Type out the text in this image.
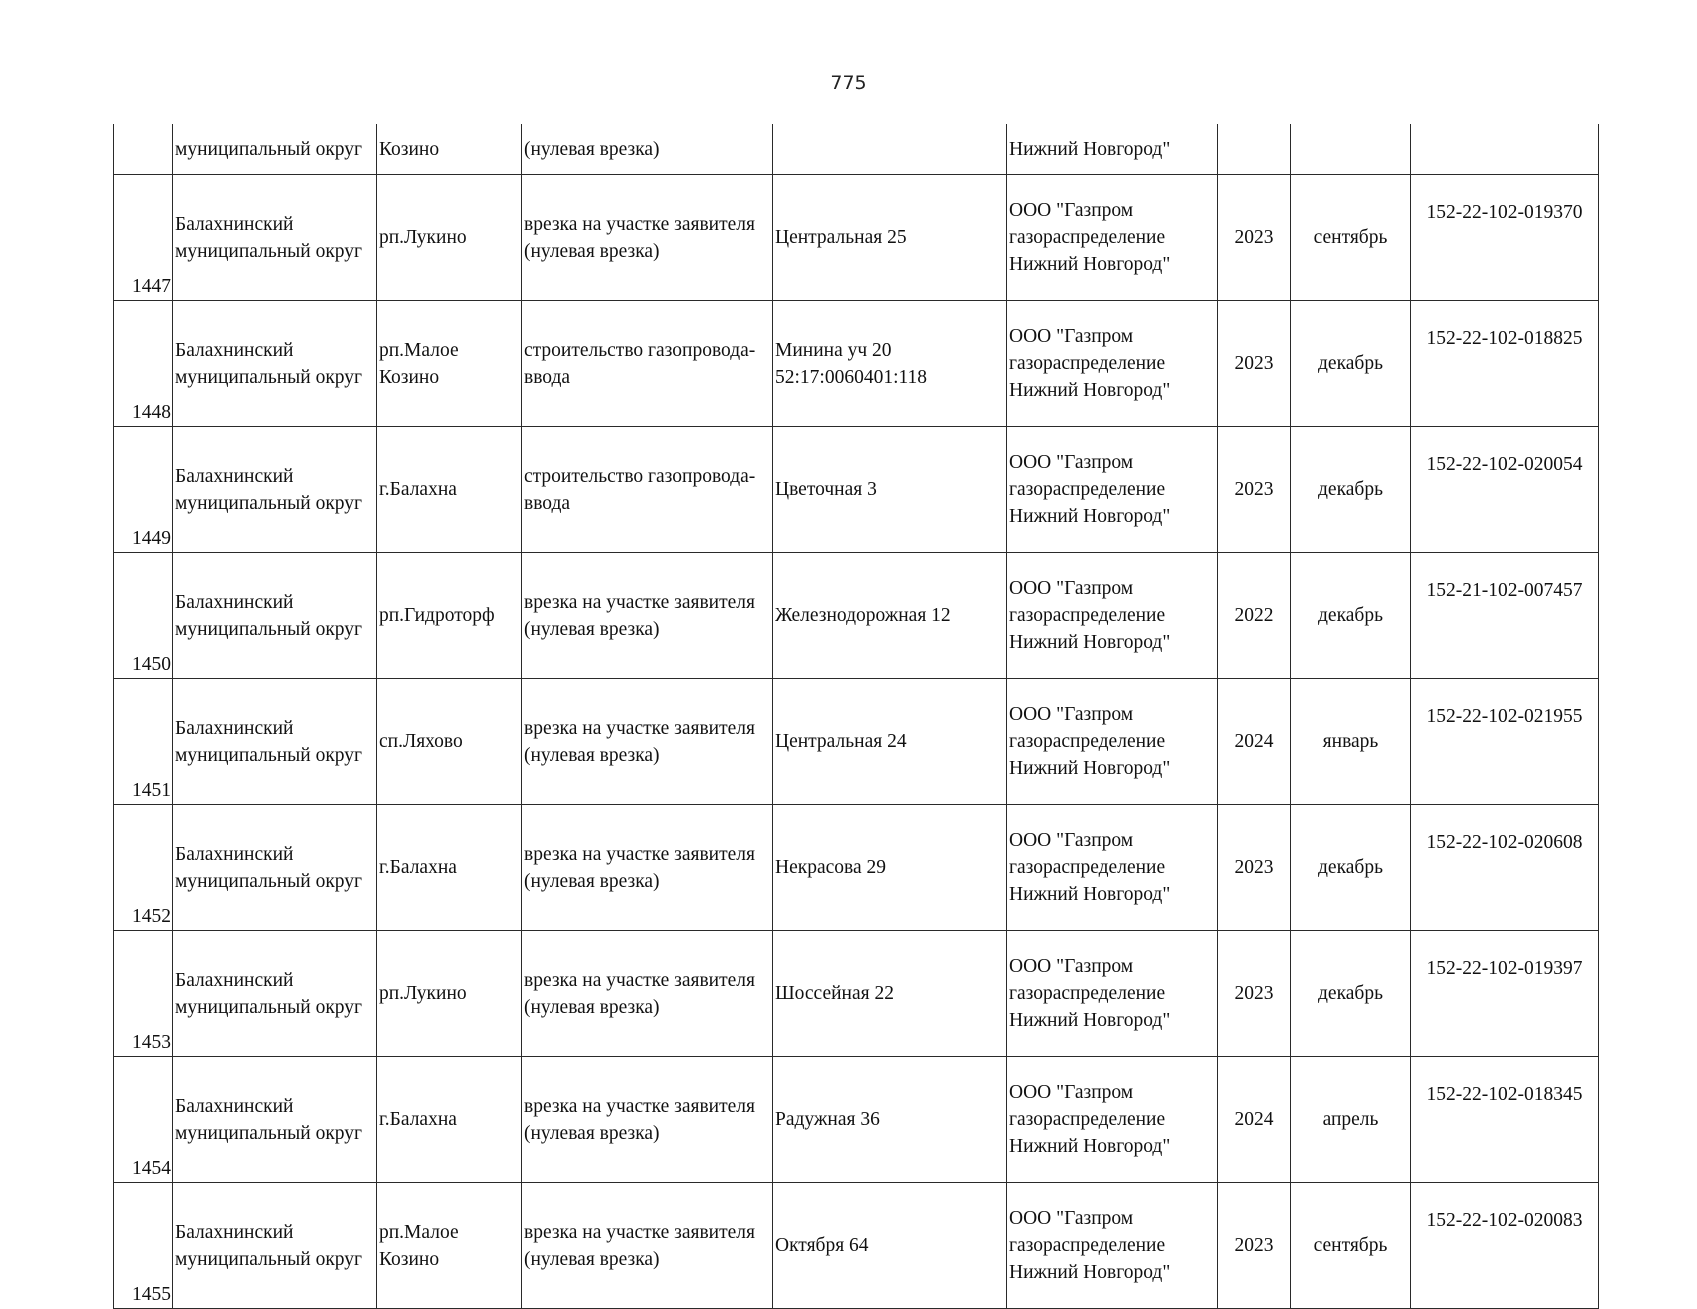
775

	муниципальный округ	Козино	(нулевая врезка)		Нижний Новгород"			

1447	Балахнинский
муниципальный округ	рп.Лукино	врезка на участке заявителя
(нулевая врезка)	Центральная 25	ООО "Газпром
газораспределение
Нижний Новгород"	2023	сентябрь	152-22-102-019370
1448	Балахнинский
муниципальный округ	рп.Малое
Козино	строительство газопровода-
ввода	Минина уч 20
52:17:0060401:118	ООО "Газпром
газораспределение
Нижний Новгород"	2023	декабрь	152-22-102-018825
1449	Балахнинский
муниципальный округ	г.Балахна	строительство газопровода-
ввода	Цветочная 3	ООО "Газпром
газораспределение
Нижний Новгород"	2023	декабрь	152-22-102-020054
1450	Балахнинский
муниципальный округ	рп.Гидроторф	врезка на участке заявителя
(нулевая врезка)	Железнодорожная 12	ООО "Газпром
газораспределение
Нижний Новгород"	2022	декабрь	152-21-102-007457
1451	Балахнинский
муниципальный округ	сп.Ляхово	врезка на участке заявителя
(нулевая врезка)	Центральная 24	ООО "Газпром
газораспределение
Нижний Новгород"	2024	январь	152-22-102-021955
1452	Балахнинский
муниципальный округ	г.Балахна	врезка на участке заявителя
(нулевая врезка)	Некрасова 29	ООО "Газпром
газораспределение
Нижний Новгород"	2023	декабрь	152-22-102-020608
1453	Балахнинский
муниципальный округ	рп.Лукино	врезка на участке заявителя
(нулевая врезка)	Шоссейная 22	ООО "Газпром
газораспределение
Нижний Новгород"	2023	декабрь	152-22-102-019397
1454	Балахнинский
муниципальный округ	г.Балахна	врезка на участке заявителя
(нулевая врезка)	Радужная 36	ООО "Газпром
газораспределение
Нижний Новгород"	2024	апрель	152-22-102-018345
1455	Балахнинский
муниципальный округ	рп.Малое
Козино	врезка на участке заявителя
(нулевая врезка)	Октября 64	ООО "Газпром
газораспределение
Нижний Новгород"	2023	сентябрь	152-22-102-020083
